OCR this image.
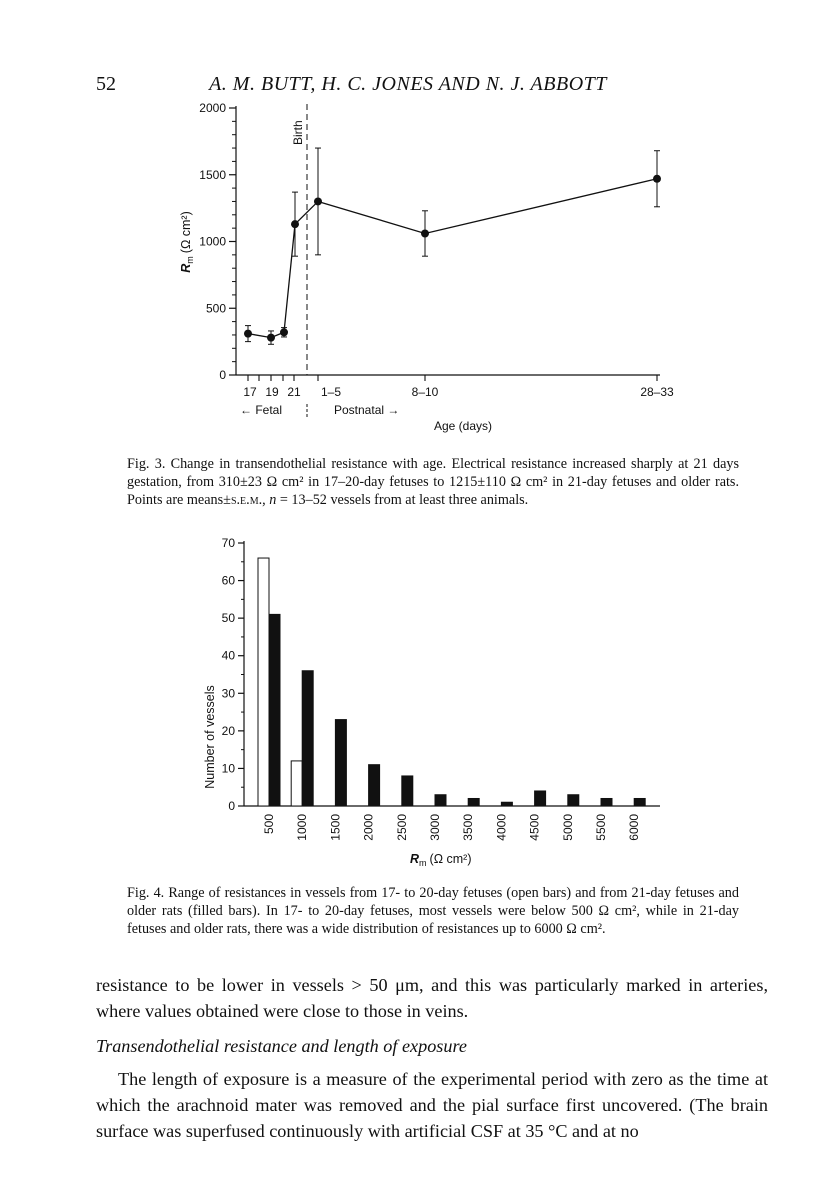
52	A. M. BUTT, H. C. JONES AND N. J. ABBOTT
0
500
1000
1500
2000
17 19 21 1–5	8–10	28–33
$R_m(\Omega$ cm²)
Birth
← Fetal	Postnatal →
Age (days)
Fig. 3. Change in transendothelial resistance with age. Electrical resistance increased sharply at 21 days gestation, from 310±23 Ω cm² in 17–20-day fetuses to 1215±110 Ω cm² in 21-day fetuses and older rats. Points are means±s.e.m., n = 13–52 vessels from at least three animals.
0
10
20
30
40
50
60
70
500 1000 1500 2000 2500 3000 3500 4000 4500 5000 5500 6000
Number of vessels
$R_m$ (Ω cm²)
Fig. 4. Range of resistances in vessels from 17- to 20-day fetuses (open bars) and from 21-day fetuses and older rats (filled bars). In 17- to 20-day fetuses, most vessels were below 500 Ω cm², while in 21-day fetuses and older rats, there was a wide distribution of resistances up to 6000 Ω cm².
resistance to be lower in vessels > 50 μm, and this was particularly marked in arteries, where values obtained were close to those in veins.
Transendothelial resistance and length of exposure
The length of exposure is a measure of the experimental period with zero as the time at which the arachnoid mater was removed and the pial surface first uncovered. (The brain surface was superfused continuously with artificial CSF at 35 °C and at no
